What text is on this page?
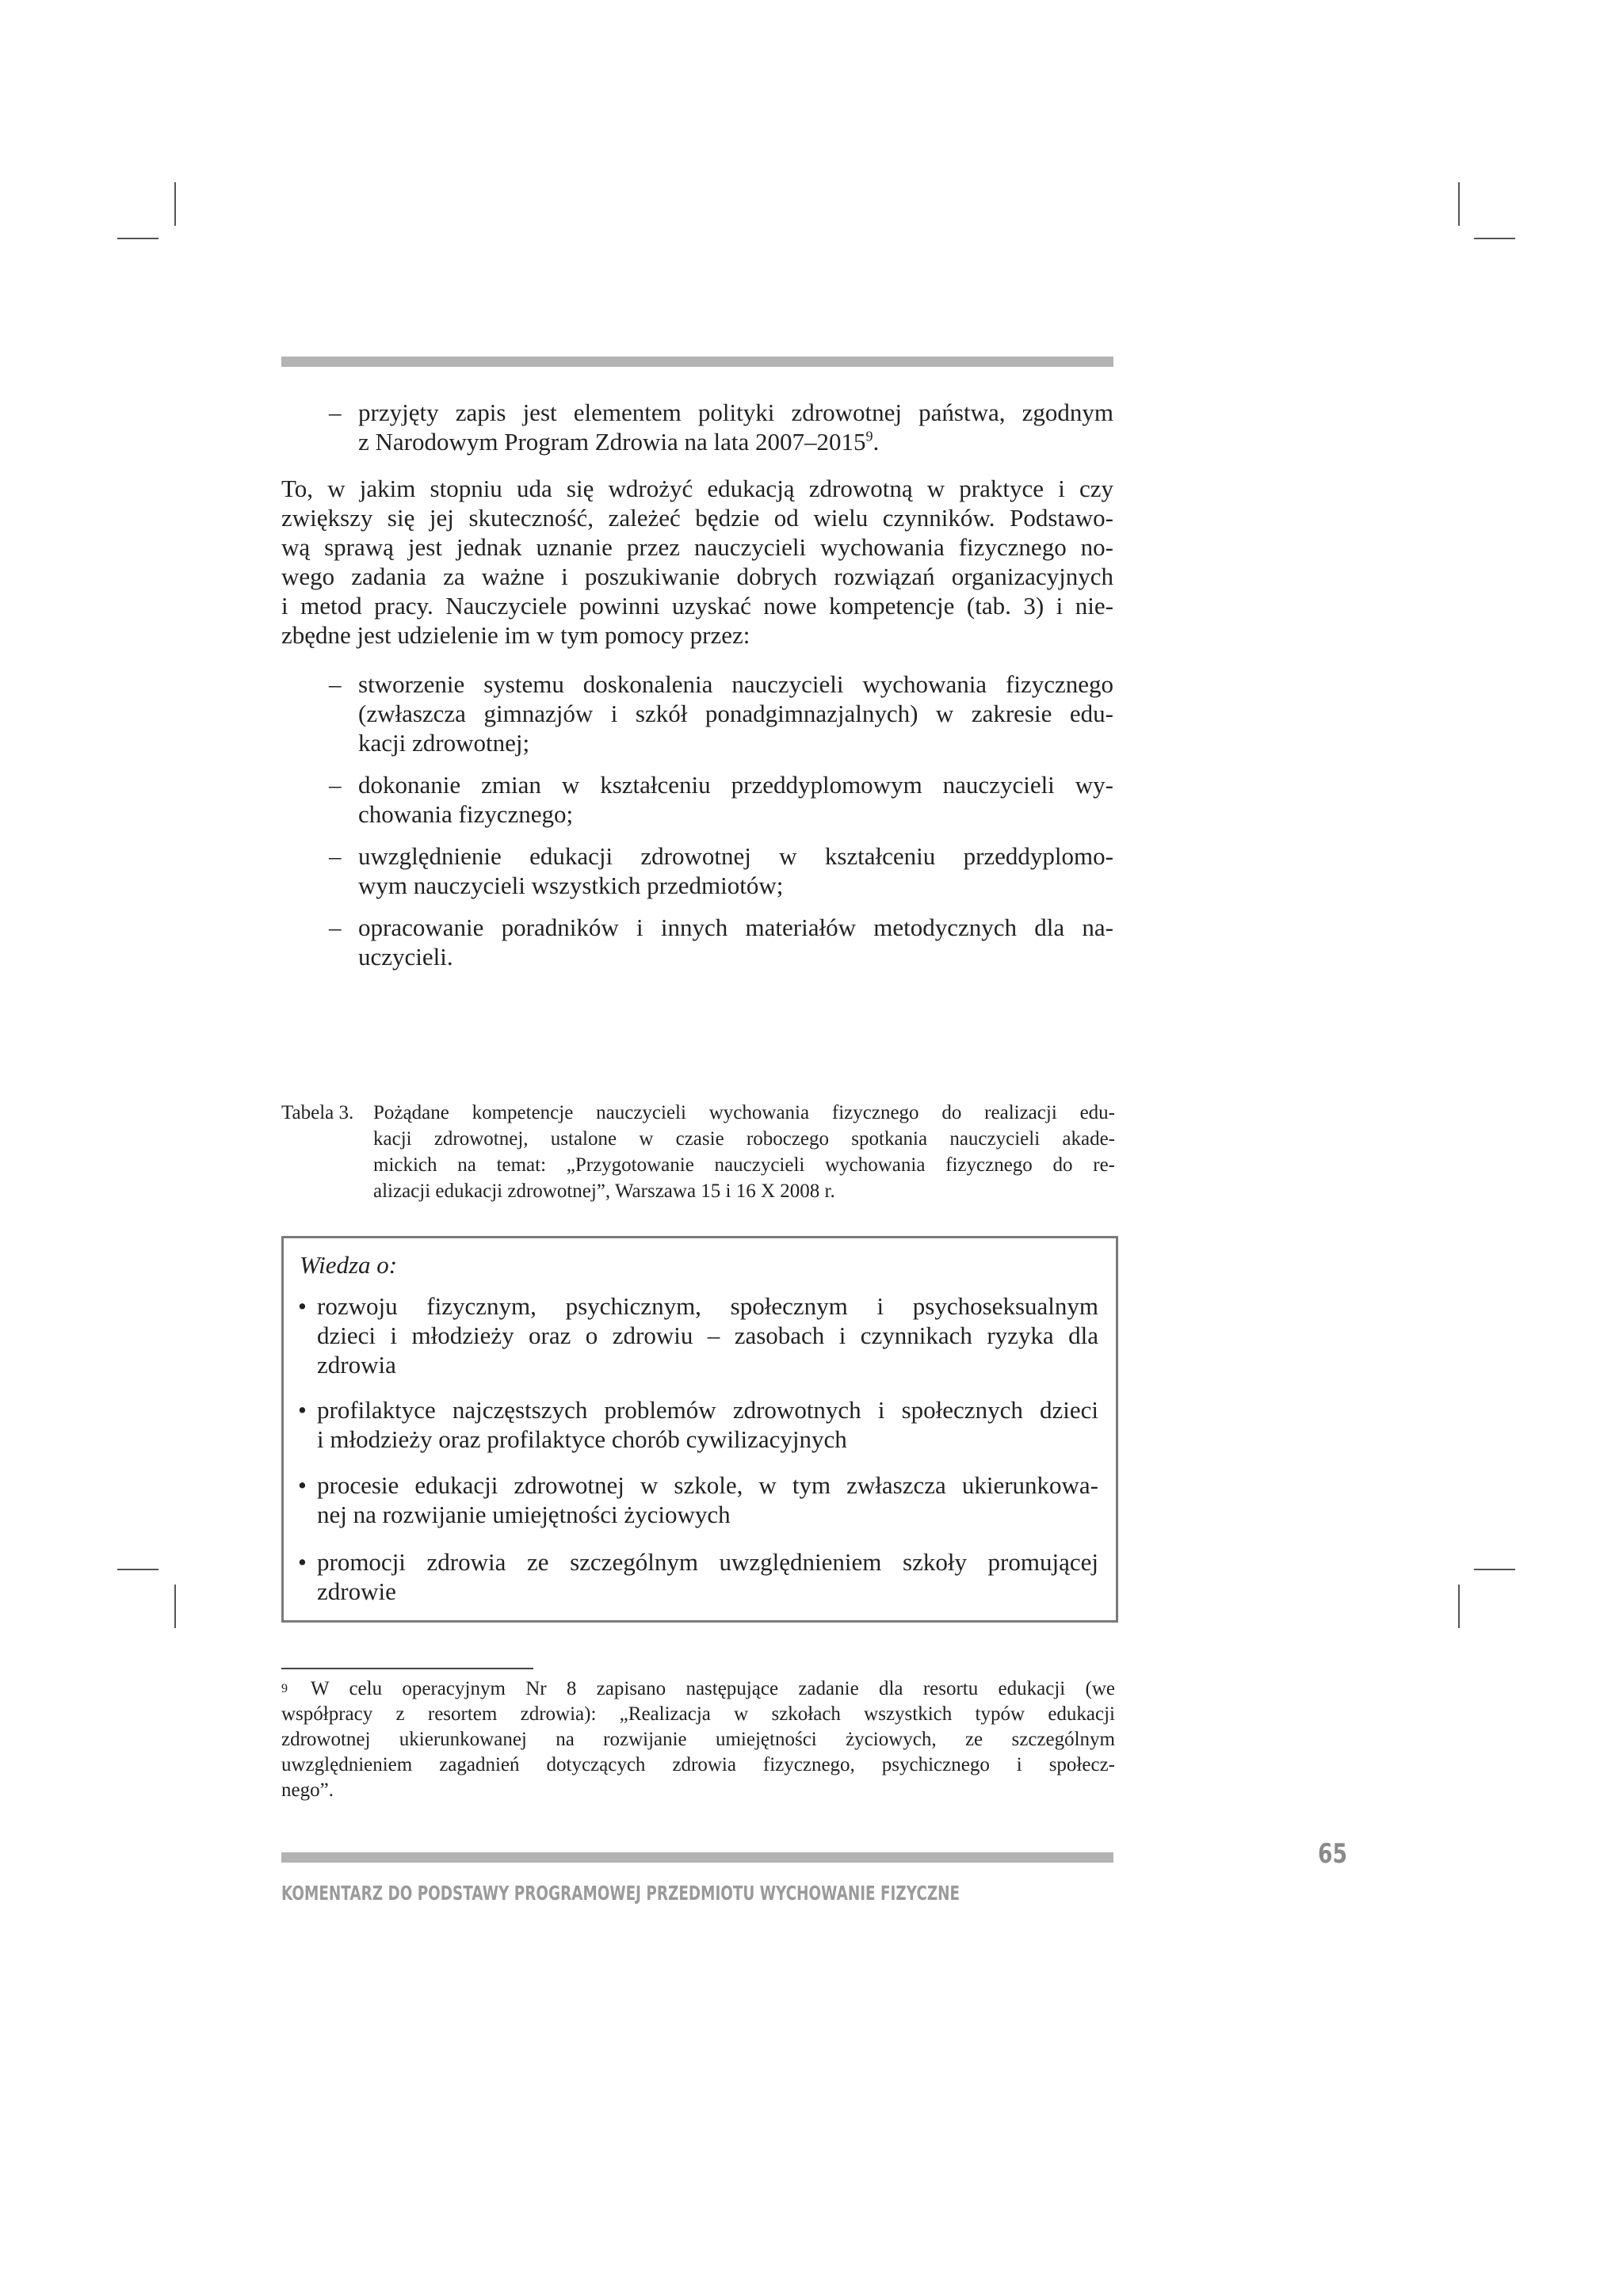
– przyjęty zapis jest elementem polityki zdrowotnej państwa, zgodnym
z Narodowym Program Zdrowia na lata 2007–2015$^9$.
To, w jakim stopniu uda się wdrożyć edukacją zdrowotną w praktyce i czy
zwiększy się jej skuteczność, zależeć będzie od wielu czynników. Podstawo-
wą sprawą jest jednak uznanie przez nauczycieli wychowania fizycznego no-
wego zadania za ważne i poszukiwanie dobrych rozwiązań organizacyjnych
i metod pracy. Nauczyciele powinni uzyskać nowe kompetencje (tab. 3) i nie-
zbędne jest udzielenie im w tym pomocy przez:
– stworzenie systemu doskonalenia nauczycieli wychowania fizycznego
(zwłaszcza gimnazjów i szkół ponadgimnazjalnych) w zakresie edu-
kacji zdrowotnej;
– dokonanie zmian w kształceniu przeddyplomowym nauczycieli wy-
chowania fizycznego;
– uwzględnienie edukacji zdrowotnej w kształceniu przeddyplomo-
wym nauczycieli wszystkich przedmiotów;
– opracowanie poradników i innych materiałów metodycznych dla na-
uczycieli.
Tabela 3. Pożądane kompetencje nauczycieli wychowania fizycznego do realizacji edu-
kacji zdrowotnej, ustalone w czasie roboczego spotkania nauczycieli akade-
mickich na temat: „Przygotowanie nauczycieli wychowania fizycznego do re-
alizacji edukacji zdrowotnej”, Warszawa 15 i 16 X 2008 r.
Wiedza o:
• rozwoju fizycznym, psychicznym, społecznym i psychoseksualnym
dzieci i młodzieży oraz o zdrowiu – zasobach i czynnikach ryzyka dla
zdrowia
• profilaktyce najczęstszych problemów zdrowotnych i społecznych dzieci
i młodzieży oraz profilaktyce chorób cywilizacyjnych
• procesie edukacji zdrowotnej w szkole, w tym zwłaszcza ukierunkowa-
nej na rozwijanie umiejętności życiowych
• promocji zdrowia ze szczególnym uwzględnieniem szkoły promującej
zdrowie
9	W celu operacyjnym Nr 8 zapisano następujące zadanie dla resortu edukacji (we
współpracy z resortem zdrowia): „Realizacja w szkołach wszystkich typów edukacji
zdrowotnej ukierunkowanej na rozwijanie umiejętności życiowych, ze szczególnym
uwzględnieniem zagadnień dotyczących zdrowia fizycznego, psychicznego i społecz-
nego”.
65
KOMENTARZ DO PODSTAWY PROGRAMOWEJ PRZEDMIOTU WYCHOWANIE FIZYCZNE
